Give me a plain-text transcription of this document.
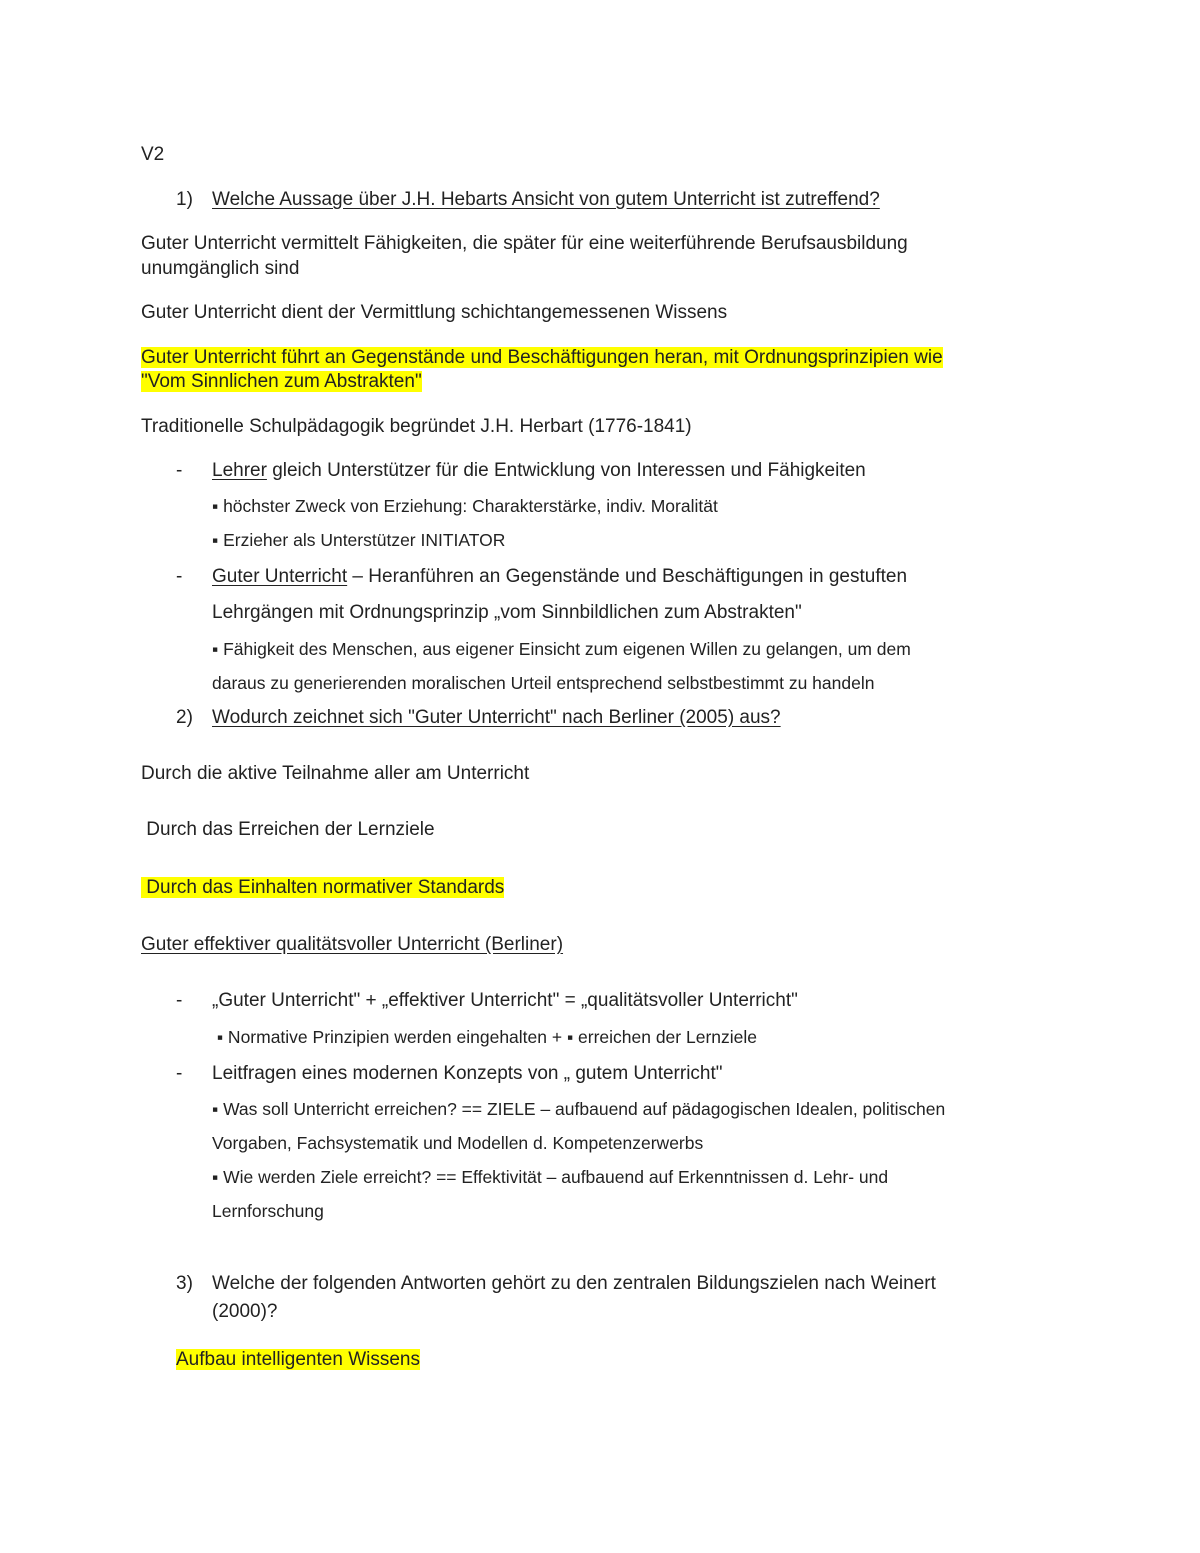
V2
1) Welche Aussage über J.H. Hebarts Ansicht von gutem Unterricht ist zutreffend?
Guter Unterricht vermittelt Fähigkeiten, die später für eine weiterführende Berufsausbildung
unumgänglich sind
Guter Unterricht dient der Vermittlung schichtangemessenen Wissens
Guter Unterricht führt an Gegenstände und Beschäftigungen heran, mit Ordnungsprinzipien wie
"Vom Sinnlichen zum Abstrakten"
Traditionelle Schulpädagogik begründet J.H. Herbart (1776-1841)
- Lehrer gleich Unterstützer für die Entwicklung von Interessen und Fähigkeiten
▪ höchster Zweck von Erziehung: Charakterstärke, indiv. Moralität
▪ Erzieher als Unterstützer INITIATOR
- Guter Unterricht – Heranführen an Gegenstände und Beschäftigungen in gestuften
Lehrgängen mit Ordnungsprinzip „vom Sinnbildlichen zum Abstrakten"
▪ Fähigkeit des Menschen, aus eigener Einsicht zum eigenen Willen zu gelangen, um dem
daraus zu generierenden moralischen Urteil entsprechend selbstbestimmt zu handeln
2) Wodurch zeichnet sich "Guter Unterricht" nach Berliner (2005) aus?
Durch die aktive Teilnahme aller am Unterricht
Durch das Erreichen der Lernziele
Durch das Einhalten normativer Standards
Guter effektiver qualitätsvoller Unterricht (Berliner)
- „Guter Unterricht" + „effektiver Unterricht" = „qualitätsvoller Unterricht"
▪ Normative Prinzipien werden eingehalten + ▪ erreichen der Lernziele
- Leitfragen eines modernen Konzepts von „ gutem Unterricht"
▪ Was soll Unterricht erreichen? == ZIELE – aufbauend auf pädagogischen Idealen, politischen
Vorgaben, Fachsystematik und Modellen d. Kompetenzerwerbs
▪ Wie werden Ziele erreicht? == Effektivität – aufbauend auf Erkenntnissen d. Lehr- und
Lernforschung
3) Welche der folgenden Antworten gehört zu den zentralen Bildungszielen nach Weinert
(2000)?
Aufbau intelligenten Wissens
